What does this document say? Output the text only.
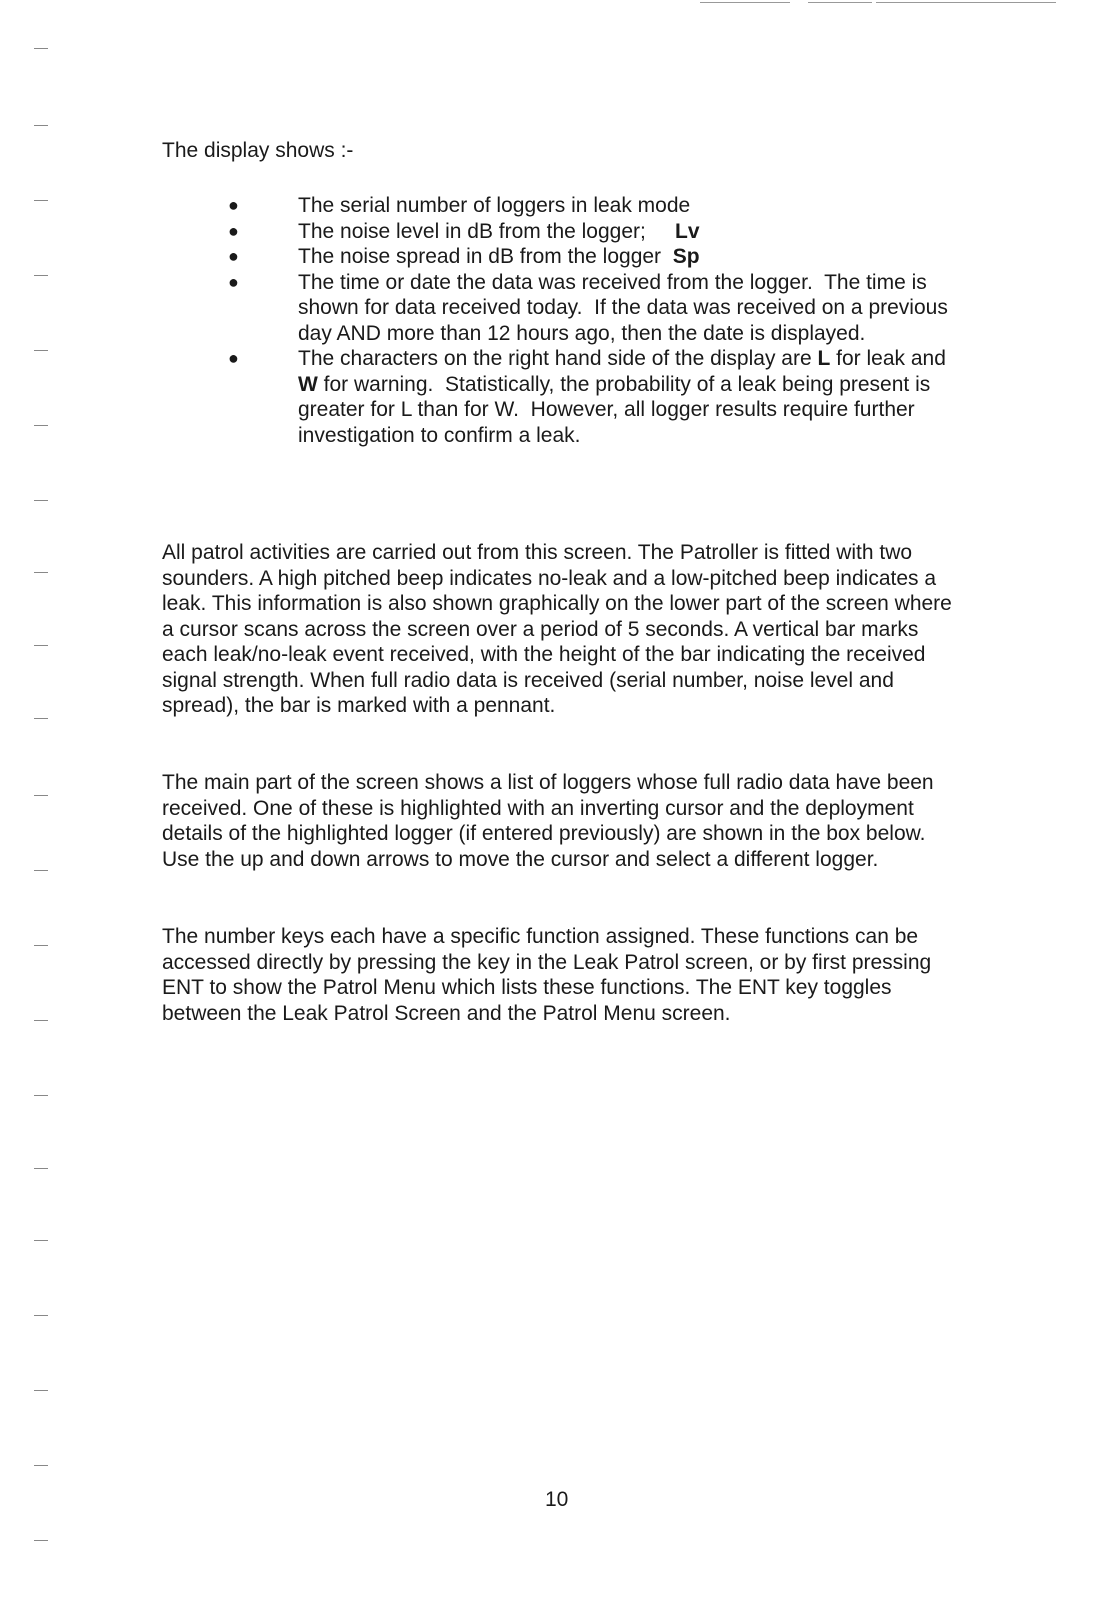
The display shows :-
●	The serial number of loggers in leak mode
●	The noise level in dB from the logger;     Lv
●	The noise spread in dB from the logger  Sp
●	The time or date the data was received from the logger.  The time is shown for data received today.  If the data was received on a previous day AND more than 12 hours ago, then the date is displayed.
●	The characters on the right hand side of the display are L for leak and W for warning.  Statistically, the probability of a leak being present is greater for L than for W.  However, all logger results require further investigation to confirm a leak.
All patrol activities are carried out from this screen. The Patroller is fitted with two sounders. A high pitched beep indicates no-leak and a low-pitched beep indicates a leak. This information is also shown graphically on the lower part of the screen where a cursor scans across the screen over a period of 5 seconds. A vertical bar marks each leak/no-leak event received, with the height of the bar indicating the received signal strength. When full radio data is received (serial number, noise level and spread), the bar is marked with a pennant.
The main part of the screen shows a list of loggers whose full radio data have been received. One of these is highlighted with an inverting cursor and the deployment details of the highlighted logger (if entered previously) are shown in the box below. Use the up and down arrows to move the cursor and select a different logger.
The number keys each have a specific function assigned. These functions can be accessed directly by pressing the key in the Leak Patrol screen, or by first pressing ENT to show the Patrol Menu which lists these functions. The ENT key toggles between the Leak Patrol Screen and the Patrol Menu screen.
10
